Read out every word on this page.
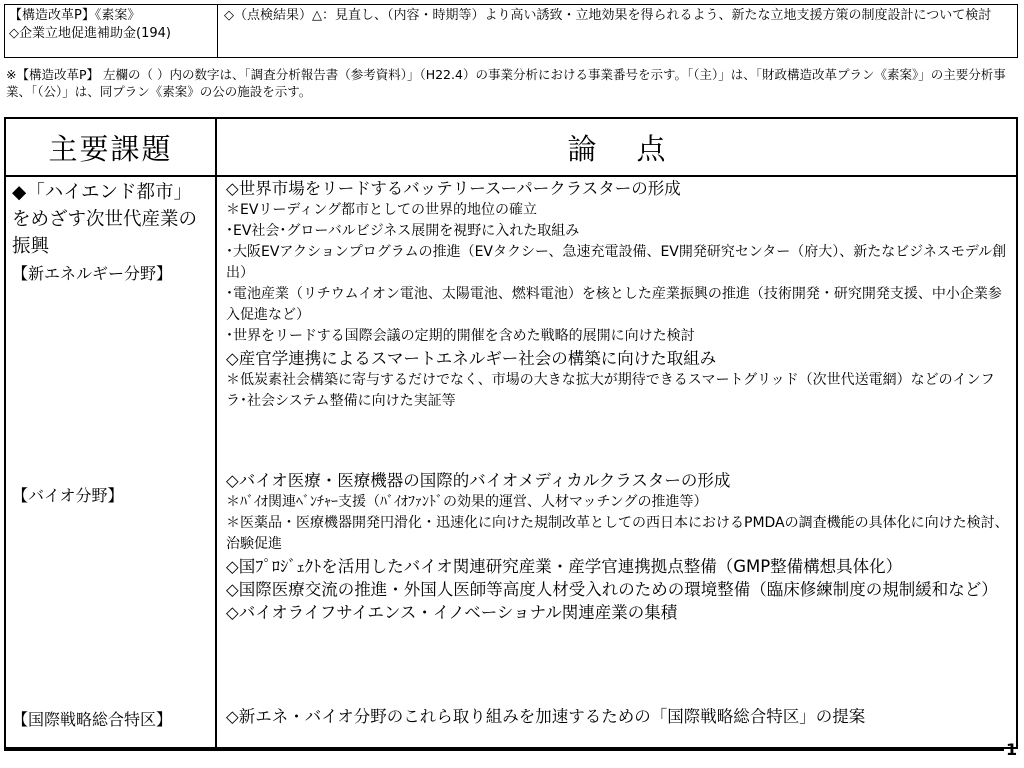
【構造改革P】《素案》
◇企業立地促進補助金(194)
◇（点検結果）△：見直し、（内容・時期等）より高い誘致・立地効果を得られるよう、新たな立地支援方策の制度設計について検討
※【構造改革P】 左欄の（ ）内の数字は、「調査分析報告書（参考資料）」（H22.4）の事業分析における事業番号を示す。「（主）」は、「財政構造改革プラン《素案》」の主要分析事業、「（公）」は、同プラン《素案》の公の施設を示す。
主要課題	論点
◆「ハイエンド都市」をめざす次世代産業の振興
【新エネルギー分野】
【バイオ分野】
【国際戦略総合特区】
◇世界市場をリードするバッテリースーパークラスターの形成
＊EVリーディング都市としての世界的地位の確立
･EV社会･グローバルビジネス展開を視野に入れた取組み
･大阪EVアクションプログラムの推進（EVタクシー、急速充電設備、EV開発研究センター（府大）、新たなビジネスモデル創出）
･電池産業（リチウムイオン電池、太陽電池、燃料電池）を核とした産業振興の推進（技術開発・研究開発支援、中小企業参入促進など）
･世界をリードする国際会議の定期的開催を含めた戦略的展開に向けた検討
◇産官学連携によるスマートエネルギー社会の構築に向けた取組み
＊低炭素社会構築に寄与するだけでなく、市場の大きな拡大が期待できるスマートグリッド（次世代送電網）などのインフラ･社会システム整備に向けた実証等
◇バイオ医療・医療機器の国際的バイオメディカルクラスターの形成
＊ﾊﾞｲｵ関連ﾍﾞﾝﾁｬｰ支援（ﾊﾞｲｵﾌｧﾝﾄﾞの効果的運営、人材マッチングの推進等）
＊医薬品・医療機器開発円滑化・迅速化に向けた規制改革としての西日本におけるPMDAの調査機能の具体化に向けた検討、治験促進
◇国ﾌﾟﾛｼﾞｪｸﾄを活用したバイオ関連研究産業・産学官連携拠点整備（GMP整備構想具体化）
◇国際医療交流の推進・外国人医師等高度人材受入れのための環境整備（臨床修練制度の規制緩和など）
◇バイオライフサイエンス・イノベーショナル関連産業の集積
◇新エネ・バイオ分野のこれら取り組みを加速するための「国際戦略総合特区」の提案
1
